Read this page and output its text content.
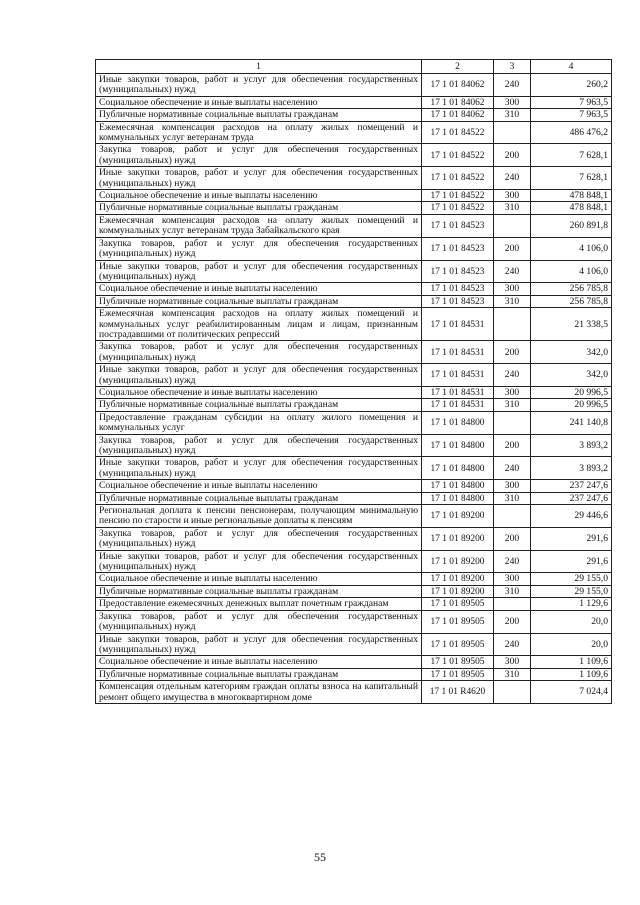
1	2	3	4
Иные закупки товаров, работ и услуг для обеспечения государственных (муниципальных) нужд	17 1 01 84062	240	260,2
Социальное обеспечение и иные выплаты населению	17 1 01 84062	300	7 963,5
Публичные нормативные социальные выплаты гражданам	17 1 01 84062	310	7 963,5
Ежемесячная компенсация расходов на оплату жилых помещений и коммунальных услуг ветеранам труда	17 1 01 84522		486 476,2
Закупка товаров, работ и услуг для обеспечения государственных (муниципальных) нужд	17 1 01 84522	200	7 628,1
Иные закупки товаров, работ и услуг для обеспечения государственных (муниципальных) нужд	17 1 01 84522	240	7 628,1
Социальное обеспечение и иные выплаты населению	17 1 01 84522	300	478 848,1
Публичные нормативные социальные выплаты гражданам	17 1 01 84522	310	478 848,1
Ежемесячная компенсация расходов на оплату жилых помещений и коммунальных услуг ветеранам труда Забайкальского края	17 1 01 84523		260 891,8
Закупка товаров, работ и услуг для обеспечения государственных (муниципальных) нужд	17 1 01 84523	200	4 106,0
Иные закупки товаров, работ и услуг для обеспечения государственных (муниципальных) нужд	17 1 01 84523	240	4 106,0
Социальное обеспечение и иные выплаты населению	17 1 01 84523	300	256 785,8
Публичные нормативные социальные выплаты гражданам	17 1 01 84523	310	256 785,8
Ежемесячная компенсация расходов на оплату жилых помещений и коммунальных услуг реабилитированным лицам и лицам, признанным пострадавшими от политических репрессий	17 1 01 84531		21 338,5
Закупка товаров, работ и услуг для обеспечения государственных (муниципальных) нужд	17 1 01 84531	200	342,0
Иные закупки товаров, работ и услуг для обеспечения государственных (муниципальных) нужд	17 1 01 84531	240	342,0
Социальное обеспечение и иные выплаты населению	17 1 01 84531	300	20 996,5
Публичные нормативные социальные выплаты гражданам	17 1 01 84531	310	20 996,5
Предоставление гражданам субсидии на оплату жилого помещения и коммунальных услуг	17 1 01 84800		241 140,8
Закупка товаров, работ и услуг для обеспечения государственных (муниципальных) нужд	17 1 01 84800	200	3 893,2
Иные закупки товаров, работ и услуг для обеспечения государственных (муниципальных) нужд	17 1 01 84800	240	3 893,2
Социальное обеспечение и иные выплаты населению	17 1 01 84800	300	237 247,6
Публичные нормативные социальные выплаты гражданам	17 1 01 84800	310	237 247,6
Региональная доплата к пенсии пенсионерам, получающим минимальную пенсию по старости и иные региональные доплаты к пенсиям	17 1 01 89200		29 446,6
Закупка товаров, работ и услуг для обеспечения государственных (муниципальных) нужд	17 1 01 89200	200	291,6
Иные закупки товаров, работ и услуг для обеспечения государственных (муниципальных) нужд	17 1 01 89200	240	291,6
Социальное обеспечение и иные выплаты населению	17 1 01 89200	300	29 155,0
Публичные нормативные социальные выплаты гражданам	17 1 01 89200	310	29 155,0
Предоставление ежемесячных денежных выплат почетным гражданам	17 1 01 89505		1 129,6
Закупка товаров, работ и услуг для обеспечения государственных (муниципальных) нужд	17 1 01 89505	200	20,0
Иные закупки товаров, работ и услуг для обеспечения государственных (муниципальных) нужд	17 1 01 89505	240	20,0
Социальное обеспечение и иные выплаты населению	17 1 01 89505	300	1 109,6
Публичные нормативные социальные выплаты гражданам	17 1 01 89505	310	1 109,6
Компенсация отдельным категориям граждан оплаты взноса на капитальный ремонт общего имущества в многоквартирном доме	17 1 01 R4620		7 024,4
55
